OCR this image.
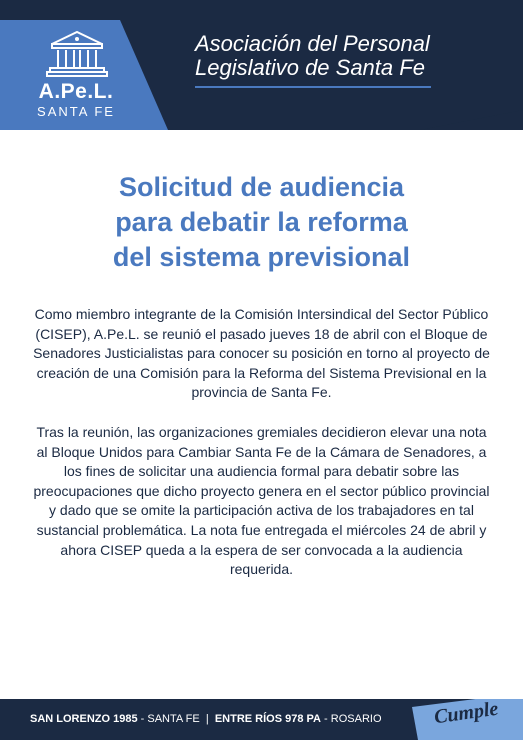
A.Pe.L.
SANTA FE
Asociación del Personal
Legislativo de Santa Fe
Solicitud de audiencia
para debatir la reforma
del sistema previsional

Como miembro integrante de la Comisión Intersindical del Sector Público (CISEP), A.Pe.L. se reunió el pasado jueves 18 de abril con el Bloque de Senadores Justicialistas para conocer su posición en torno al proyecto de creación de una Comisión para la Reforma del Sistema Previsional en la provincia de Santa Fe.

Tras la reunión, las organizaciones gremiales decidieron elevar una nota al Bloque Unidos para Cambiar Santa Fe de la Cámara de Senadores, a los fines de solicitar una audiencia formal para debatir sobre las preocupaciones que dicho proyecto genera en el sector público provincial y dado que se omite la participación activa de los trabajadores en tal sustancial problemática. La nota fue entregada el miércoles 24 de abril y ahora CISEP queda a la espera de ser convocada a la audiencia requerida.

SAN LORENZO 1985 - SANTA FE  |  ENTRE RÍOS 978 PA - ROSARIO	Cumple
